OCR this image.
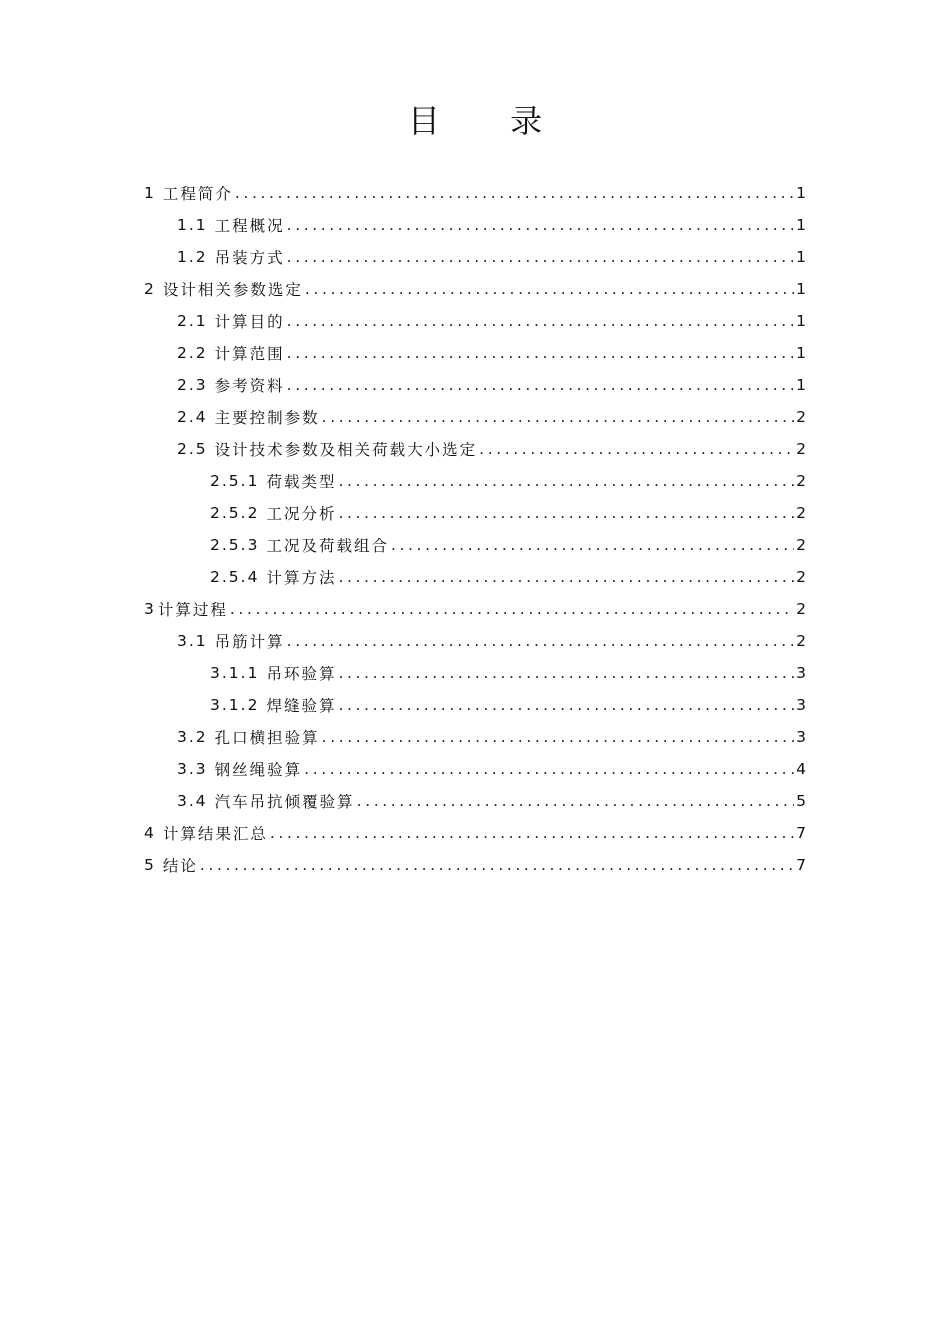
目 录
1 工程简介 .....	1
1.1 工程概况 .....	1
1.2 吊装方式 .....	1
2 设计相关参数选定 .....	1
2.1 计算目的 .....	1
2.2 计算范围 .....	1
2.3 参考资料 .....	1
2.4 主要控制参数 .....	2
2.5 设计技术参数及相关荷载大小选定 .....	2
2.5.1 荷载类型 .....	2
2.5.2 工况分析 .....	2
2.5.3 工况及荷载组合 .....	2
2.5.4 计算方法 .....	2
3 计算过程 .....	2
3.1 吊筋计算 .....	2
3.1.1 吊环验算 .....	3
3.1.2 焊缝验算 .....	3
3.2 孔口横担验算 .....	3
3.3 钢丝绳验算 .....	4
3.4 汽车吊抗倾覆验算 .....	5
4 计算结果汇总 .....	7
5 结论 .....	7
